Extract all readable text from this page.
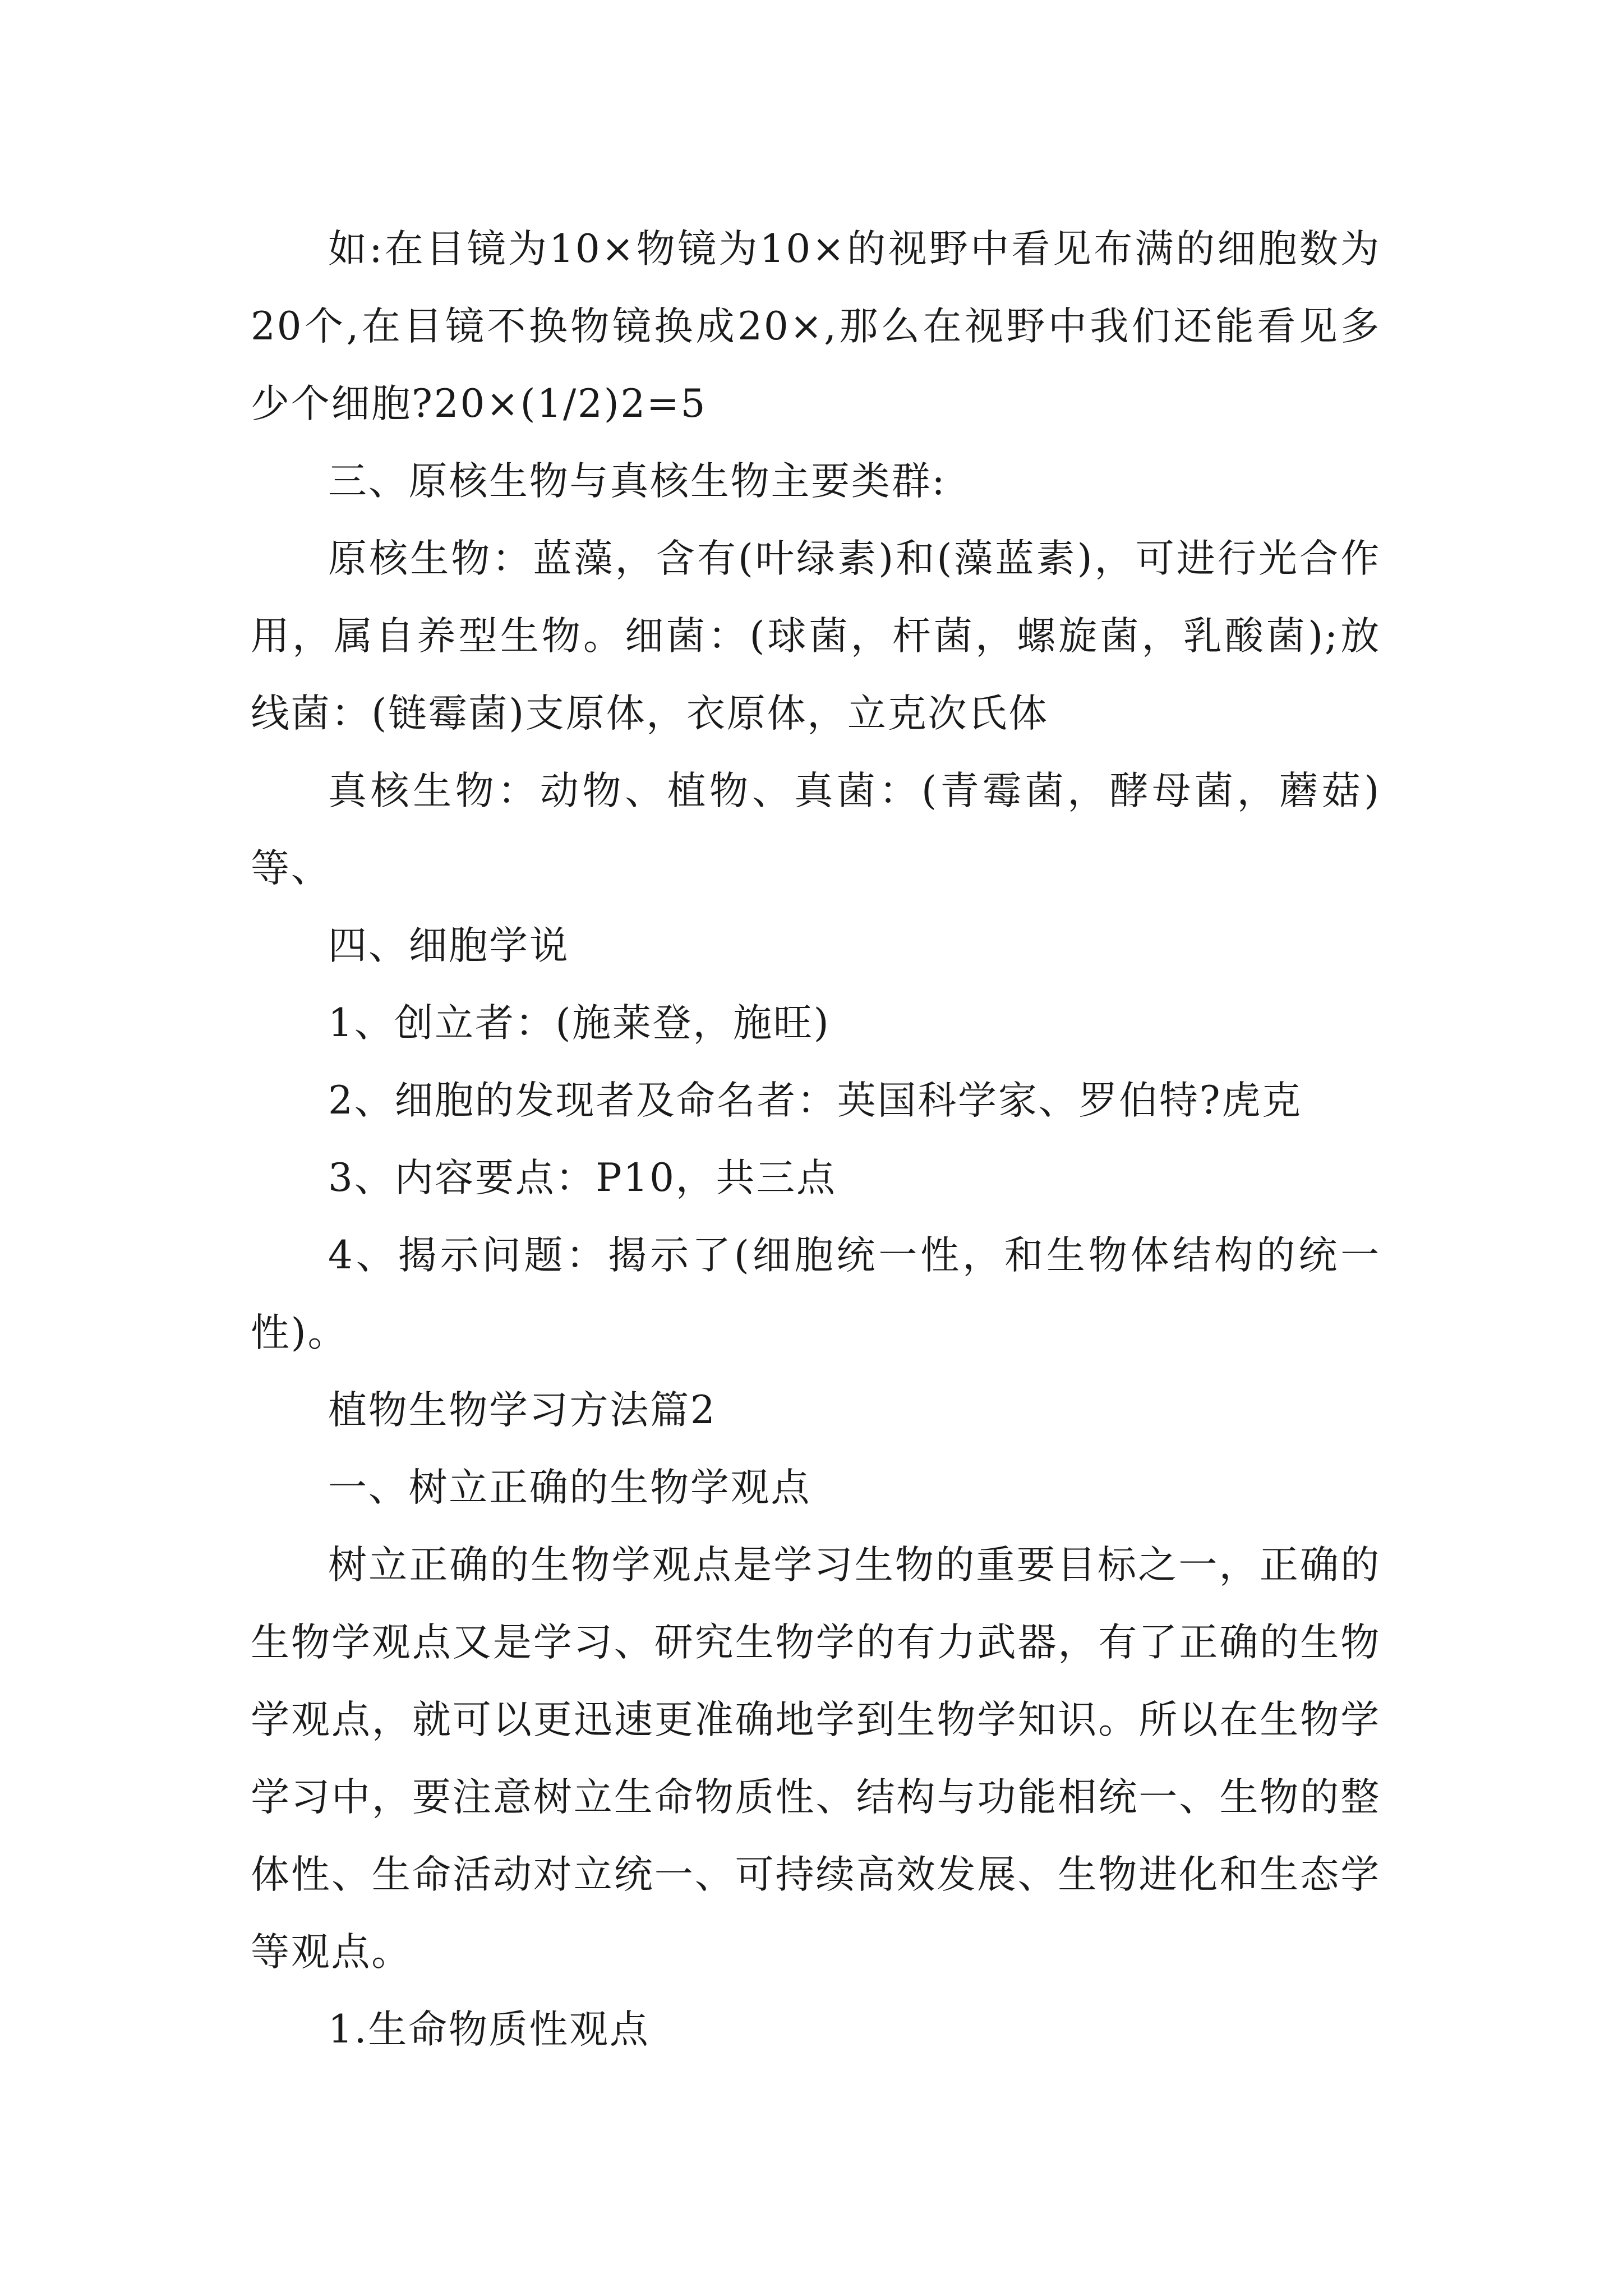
如:在目镜为10×物镜为10×的视野中看见布满的细胞数为20个,在目镜不换物镜换成20×,那么在视野中我们还能看见多少个细胞?20×(1/2)2=5

三、原核生物与真核生物主要类群:

原核生物：蓝藻，含有(叶绿素)和(藻蓝素)，可进行光合作用，属自养型生物。细菌：(球菌，杆菌，螺旋菌，乳酸菌);放线菌：(链霉菌)支原体，衣原体，立克次氏体

真核生物：动物、植物、真菌：(青霉菌，酵母菌，蘑菇)等、

四、细胞学说

1、创立者：(施莱登，施旺)

2、细胞的发现者及命名者：英国科学家、罗伯特?虎克

3、内容要点：P10，共三点

4、揭示问题：揭示了(细胞统一性，和生物体结构的统一性)。

植物生物学习方法篇2

一、树立正确的生物学观点

树立正确的生物学观点是学习生物的重要目标之一，正确的生物学观点又是学习、研究生物学的有力武器，有了正确的生物学观点，就可以更迅速更准确地学到生物学知识。所以在生物学学习中，要注意树立生命物质性、结构与功能相统一、生物的整体性、生命活动对立统一、可持续高效发展、生物进化和生态学等观点。

1.生命物质性观点
